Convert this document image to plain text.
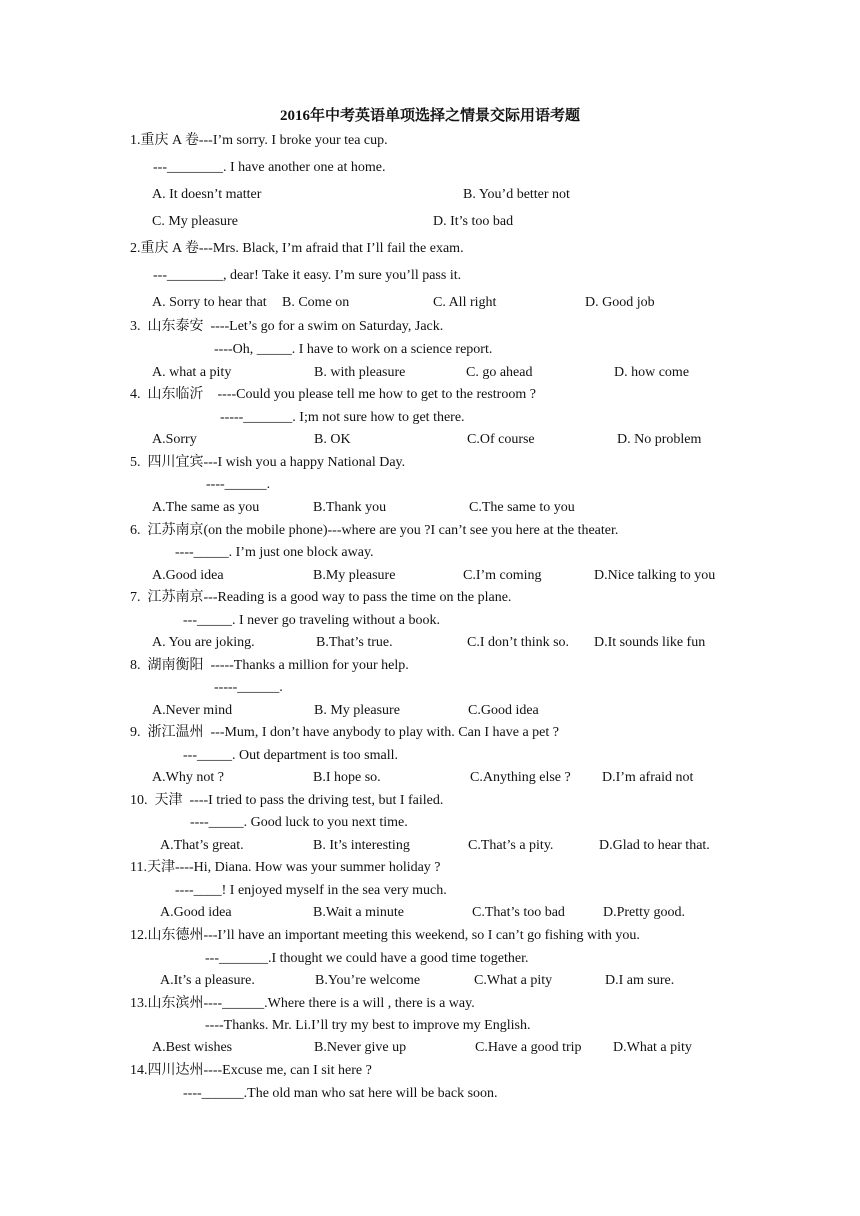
2016年中考英语单项选择之情景交际用语考题
1.重庆 A 卷---I’m sorry. I broke your tea cup.
---________. I have another one at home.
A. It doesn’t matter	B. You’d better not
C. My pleasure	D. It’s too bad
2.重庆 A 卷---Mrs. Black, I’m afraid that I’ll fail the exam.
---________, dear! Take it easy. I’m sure you’ll pass it.
A. Sorry to hear that B. Come on	C. All right	D. Good job
3.  山东泰安  ----Let’s go for a swim on Saturday, Jack.
----Oh, _____. I have to work on a science report.
A. what a pity	B. with pleasure	C. go ahead	D. how come
4.  山东临沂    ----Could you please tell me how to get to the restroom ?
-----_______. I;m not sure how to get there.
A.Sorry	B. OK	C.Of course	D. No problem
5.  四川宜宾---I wish you a happy National Day.
----______.
A.The same as you	B.Thank you	C.The same to you
6.  江苏南京(on the mobile phone)---where are you ?I can’t see you here at the theater.
----_____. I’m just one block away.
A.Good idea	B.My pleasure	C.I’m coming	D.Nice talking to you
7.  江苏南京---Reading is a good way to pass the time on the plane.
---_____. I never go traveling without a book.
A. You are joking.	B.That’s true.	C.I don’t think so. D.It sounds like fun
8.  湖南衡阳  -----Thanks a million for your help.
-----______.
A.Never mind	B. My pleasure	C.Good idea
9.  浙江温州  ---Mum, I don’t have anybody to play with. Can I have a pet ?
---_____. Out department is too small.
A.Why not ?	B.I hope so.	C.Anything else ? D.I’m afraid not
10.  天津  ----I tried to pass the driving test, but I failed.
----_____. Good luck to you next time.
A.That’s great.	B. It’s interesting	C.That’s a pity.	D.Glad to hear that.
11.天津----Hi, Diana. How was your summer holiday ?
----____! I enjoyed myself in the sea very much.
A.Good idea	B.Wait a minute	C.That’s too bad	D.Pretty good.
12.山东德州---I’ll have an important meeting this weekend, so I can’t go fishing with you.
---_______.I thought we could have a good time together.
A.It’s a pleasure.	B.You’re welcome	C.What a pity	D.I am sure.
13.山东滨州----______.Where there is a will , there is a way.
----Thanks. Mr. Li.I’ll try my best to improve my English.
A.Best wishes	B.Never give up	C.Have a good trip D.What a pity
14.四川达州----Excuse me, can I sit here ?
----______.The old man who sat here will be back soon.
